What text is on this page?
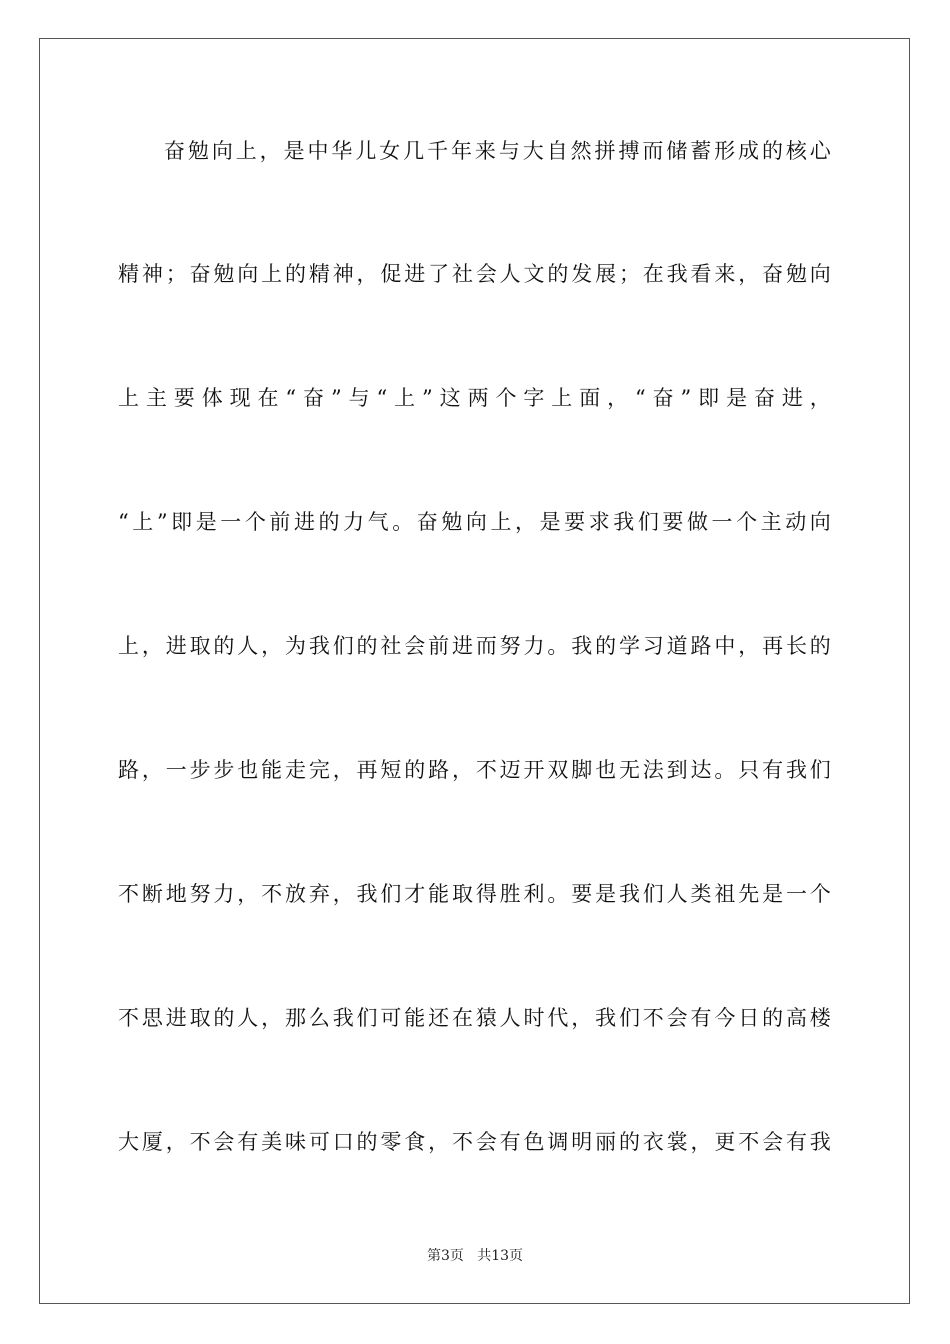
奋勉向上，是中华儿女几千年来与大自然拼搏而储蓄形成的核心
精神；奋勉向上的精神，促进了社会人文的发展；在我看来，奋勉向
上主要体现在“奋”与“上”这两个字上面，“奋”即是奋进，
“上”即是一个前进的力气。奋勉向上，是要求我们要做一个主动向
上，进取的人，为我们的社会前进而努力。我的学习道路中，再长的
路，一步步也能走完，再短的路，不迈开双脚也无法到达。只有我们
不断地努力，不放弃，我们才能取得胜利。要是我们人类祖先是一个
不思进取的人，那么我们可能还在猿人时代，我们不会有今日的高楼
大厦，不会有美味可口的零食，不会有色调明丽的衣裳，更不会有我
第3页   共13页
